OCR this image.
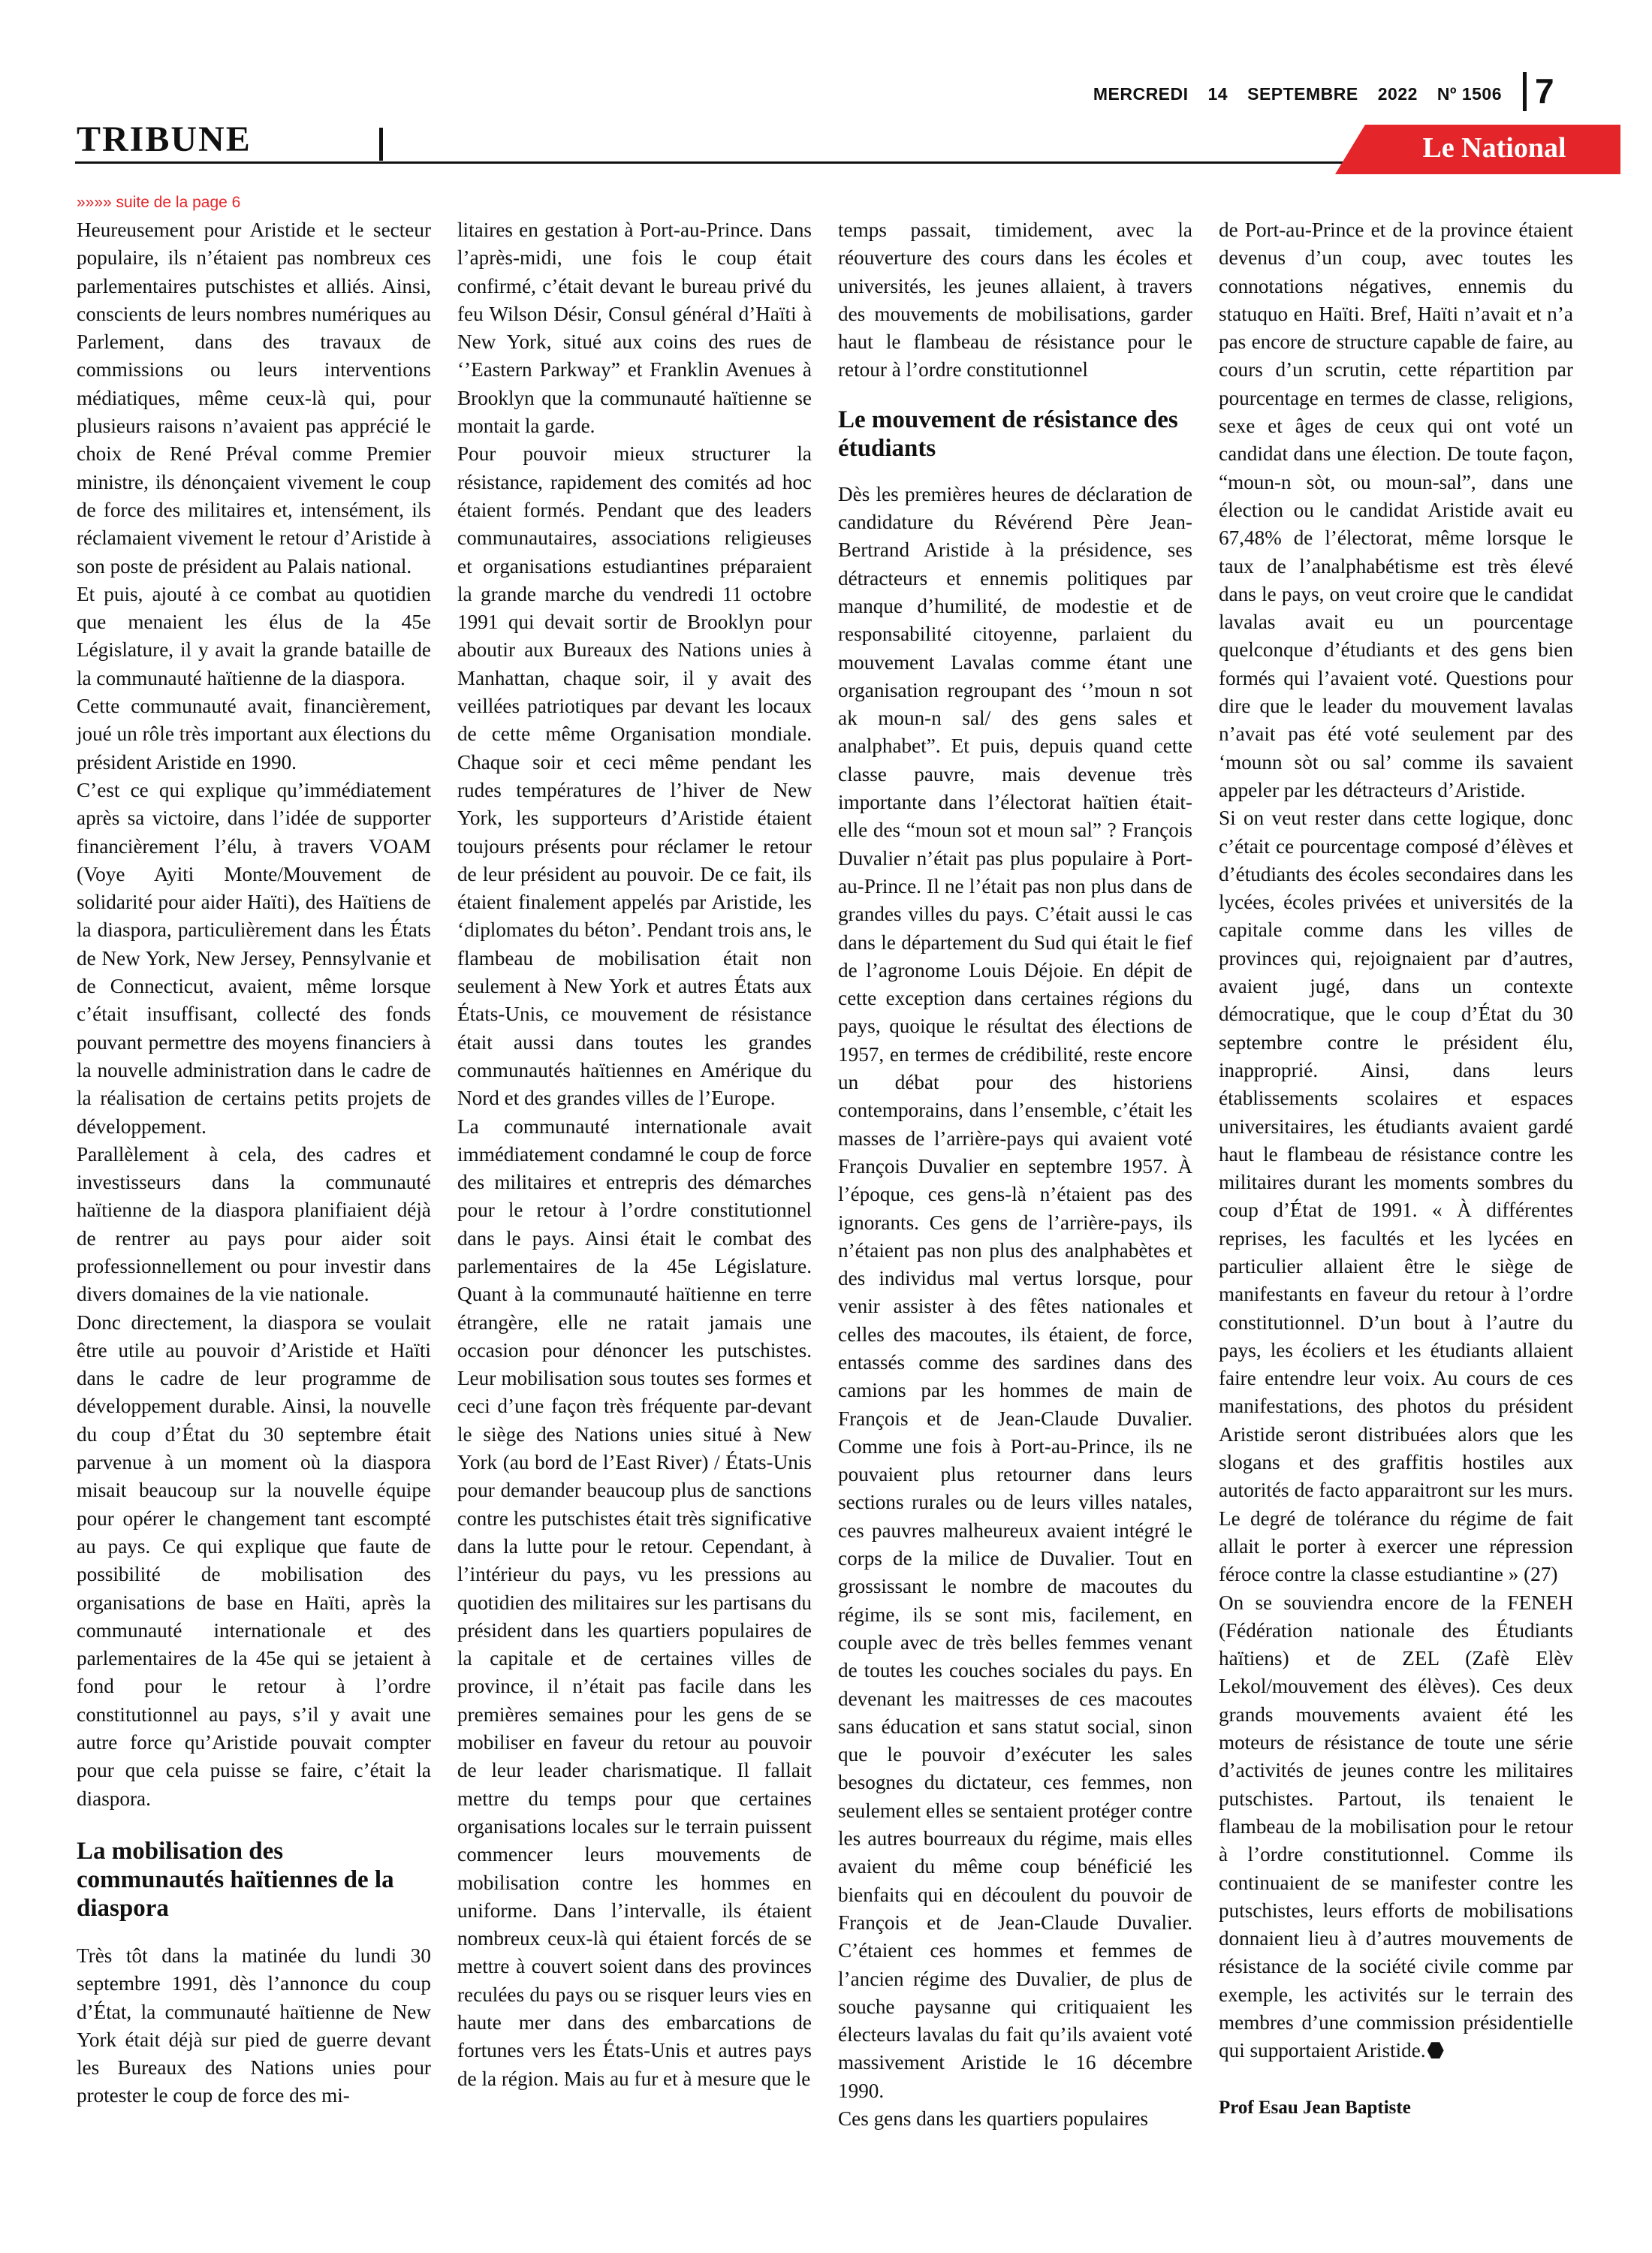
MERCREDI 14 SEPTEMBRE 2022 Nº 1506 7
TRIBUNE	Le National
»»»» suite de la page 6

Heureusement pour Aristide et le secteur populaire, ils n’étaient pas nombreux ces parlementaires putschistes et alliés. Ainsi, conscients de leurs nombres numériques au Parlement, dans des travaux de commissions ou leurs interventions médiatiques, même ceux-là qui, pour plusieurs raisons n’avaient pas apprécié le choix de René Préval comme Premier ministre, ils dénonçaient vivement le coup de force des militaires et, intensément, ils réclamaient vivement le retour d’Aristide à son poste de président au Palais national.

Et puis, ajouté à ce combat au quotidien que menaient les élus de la 45e Législature, il y avait la grande bataille de la communauté haïtienne de la diaspora.

Cette communauté avait, financièrement, joué un rôle très important aux élections du président Aristide en 1990.

C’est ce qui explique qu’immédiatement après sa victoire, dans l’idée de supporter financièrement l’élu, à travers VOAM (Voye Ayiti Monte/Mouvement de solidarité pour aider Haïti), des Haïtiens de la diaspora, particulièrement dans les États de New York, New Jersey, Pennsylvanie et de Connecticut, avaient, même lorsque c’était insuffisant, collecté des fonds pouvant permettre des moyens financiers à la nouvelle administration dans le cadre de la réalisation de certains petits projets de développement.

Parallèlement à cela, des cadres et investisseurs dans la communauté haïtienne de la diaspora planifiaient déjà de rentrer au pays pour aider soit professionnellement ou pour investir dans divers domaines de la vie nationale.

Donc directement, la diaspora se voulait être utile au pouvoir d’Aristide et Haïti dans le cadre de leur programme de développement durable. Ainsi, la nouvelle du coup d’État du 30 septembre était parvenue à un moment où la diaspora misait beaucoup sur la nouvelle équipe pour opérer le changement tant escompté au pays. Ce qui explique que faute de possibilité de mobilisation des organisations de base en Haïti, après la communauté internationale et des parlementaires de la 45e qui se jetaient à fond pour le retour à l’ordre constitutionnel au pays, s’il y avait une autre force qu’Aristide pouvait compter pour que cela puisse se faire, c’était la diaspora.

La mobilisation des communautés haïtiennes de la diaspora

Très tôt dans la matinée du lundi 30 septembre 1991, dès l’annonce du coup d’État, la communauté haïtienne de New York était déjà sur pied de guerre devant les Bureaux des Nations unies pour protester le coup de force des mi-

litaires en gestation à Port-au-Prince. Dans l’après-midi, une fois le coup était confirmé, c’était devant le bureau privé du feu Wilson Désir, Consul général d’Haïti à New York, situé aux coins des rues de ‘’Eastern Parkway” et Franklin Avenues à Brooklyn que la communauté haïtienne se montait la garde.

Pour pouvoir mieux structurer la résistance, rapidement des comités ad hoc étaient formés. Pendant que des leaders communautaires, associations religieuses et organisations estudiantines préparaient la grande marche du vendredi 11 octobre 1991 qui devait sortir de Brooklyn pour aboutir aux Bureaux des Nations unies à Manhattan, chaque soir, il y avait des veillées patriotiques par devant les locaux de cette même Organisation mondiale. Chaque soir et ceci même pendant les rudes températures de l’hiver de New York, les supporteurs d’Aristide étaient toujours présents pour réclamer le retour de leur président au pouvoir. De ce fait, ils étaient finalement appelés par Aristide, les ‘diplomates du béton’. Pendant trois ans, le flambeau de mobilisation était non seulement à New York et autres États aux États-Unis, ce mouvement de résistance était aussi dans toutes les grandes communautés haïtiennes en Amérique du Nord et des grandes villes de l’Europe.

La communauté internationale avait immédiatement condamné le coup de force des militaires et entrepris des démarches pour le retour à l’ordre constitutionnel dans le pays. Ainsi était le combat des parlementaires de la 45e Législature. Quant à la communauté haïtienne en terre étrangère, elle ne ratait jamais une occasion pour dénoncer les putschistes. Leur mobilisation sous toutes ses formes et ceci d’une façon très fréquente par-devant le siège des Nations unies situé à New York (au bord de l’East River) / États-Unis pour demander beaucoup plus de sanctions contre les putschistes était très significative dans la lutte pour le retour. Cependant, à l’intérieur du pays, vu les pressions au quotidien des militaires sur les partisans du président dans les quartiers populaires de la capitale et de certaines villes de province, il n’était pas facile dans les premières semaines pour les gens de se mobiliser en faveur du retour au pouvoir de leur leader charismatique. Il fallait mettre du temps pour que certaines organisations locales sur le terrain puissent commencer leurs mouvements de mobilisation contre les hommes en uniforme. Dans l’intervalle, ils étaient nombreux ceux-là qui étaient forcés de se mettre à couvert soient dans des provinces reculées du pays ou se risquer leurs vies en haute mer dans des embarcations de fortunes vers les États-Unis et autres pays de la région. Mais au fur et à mesure que le

temps passait, timidement, avec la réouverture des cours dans les écoles et universités, les jeunes allaient, à travers des mouvements de mobilisations, garder haut le flambeau de résistance pour le retour à l’ordre constitutionnel

Le mouvement de résistance des étudiants

Dès les premières heures de déclaration de candidature du Révérend Père Jean-Bertrand Aristide à la présidence, ses détracteurs et ennemis politiques par manque d’humilité, de modestie et de responsabilité citoyenne, parlaient du mouvement Lavalas comme étant une organisation regroupant des ‘’moun n sot ak moun-n sal/ des gens sales et analphabet”. Et puis, depuis quand cette classe pauvre, mais devenue très importante dans l’électorat haïtien était-elle des “moun sot et moun sal” ? François Duvalier n’était pas plus populaire à Port-au-Prince. Il ne l’était pas non plus dans de grandes villes du pays. C’était aussi le cas dans le département du Sud qui était le fief de l’agronome Louis Déjoie. En dépit de cette exception dans certaines régions du pays, quoique le résultat des élections de 1957, en termes de crédibilité, reste encore un débat pour des historiens contemporains, dans l’ensemble, c’était les masses de l’arrière-pays qui avaient voté François Duvalier en septembre 1957. À l’époque, ces gens-là n’étaient pas des ignorants. Ces gens de l’arrière-pays, ils n’étaient pas non plus des analphabètes et des individus mal vertus lorsque, pour venir assister à des fêtes nationales et celles des macoutes, ils étaient, de force, entassés comme des sardines dans des camions par les hommes de main de François et de Jean-Claude Duvalier. Comme une fois à Port-au-Prince, ils ne pouvaient plus retourner dans leurs sections rurales ou de leurs villes natales, ces pauvres malheureux avaient intégré le corps de la milice de Duvalier. Tout en grossissant le nombre de macoutes du régime, ils se sont mis, facilement, en couple avec de très belles femmes venant de toutes les couches sociales du pays. En devenant les maitresses de ces macoutes sans éducation et sans statut social, sinon que le pouvoir d’exécuter les sales besognes du dictateur, ces femmes, non seulement elles se sentaient protéger contre les autres bourreaux du régime, mais elles avaient du même coup bénéficié les bienfaits qui en découlent du pouvoir de François et de Jean-Claude Duvalier. C’étaient ces hommes et femmes de l’ancien régime des Duvalier, de plus de souche paysanne qui critiquaient les électeurs lavalas du fait qu’ils avaient voté massivement Aristide le 16 décembre 1990.

Ces gens dans les quartiers populaires

de Port-au-Prince et de la province étaient devenus d’un coup, avec toutes les connotations négatives, ennemis du statuquo en Haïti. Bref, Haïti n’avait et n’a pas encore de structure capable de faire, au cours d’un scrutin, cette répartition par pourcentage en termes de classe, religions, sexe et âges de ceux qui ont voté un candidat dans une élection. De toute façon, “moun-n sòt, ou moun-sal”, dans une élection ou le candidat Aristide avait eu 67,48% de l’électorat, même lorsque le taux de l’analphabétisme est très élevé dans le pays, on veut croire que le candidat lavalas avait eu un pourcentage quelconque d’étudiants et des gens bien formés qui l’avaient voté. Questions pour dire que le leader du mouvement lavalas n’avait pas été voté seulement par des ‘mounn sòt ou sal’ comme ils savaient appeler par les détracteurs d’Aristide.

Si on veut rester dans cette logique, donc c’était ce pourcentage composé d’élèves et d’étudiants des écoles secondaires dans les lycées, écoles privées et universités de la capitale comme dans les villes de provinces qui, rejoignaient par d’autres, avaient jugé, dans un contexte démocratique, que le coup d’État du 30 septembre contre le président élu, inapproprié. Ainsi, dans leurs établissements scolaires et espaces universitaires, les étudiants avaient gardé haut le flambeau de résistance contre les militaires durant les moments sombres du coup d’État de 1991. « À différentes reprises, les facultés et les lycées en particulier allaient être le siège de manifestants en faveur du retour à l’ordre constitutionnel. D’un bout à l’autre du pays, les écoliers et les étudiants allaient faire entendre leur voix. Au cours de ces manifestations, des photos du président Aristide seront distribuées alors que les slogans et des graffitis hostiles aux autorités de facto apparaitront sur les murs. Le degré de tolérance du régime de fait allait le porter à exercer une répression féroce contre la classe estudiantine » (27)

On se souviendra encore de la FENEH (Fédération nationale des Étudiants haïtiens) et de ZEL (Zafè Elèv Lekol/mouvement des élèves). Ces deux grands mouvements avaient été les moteurs de résistance de toute une série d’activités de jeunes contre les militaires putschistes. Partout, ils tenaient le flambeau de la mobilisation pour le retour à l’ordre constitutionnel. Comme ils continuaient de se manifester contre les putschistes, leurs efforts de mobilisations donnaient lieu à d’autres mouvements de résistance de la société civile comme par exemple, les activités sur le terrain des membres d’une commission présidentielle qui supportaient Aristide.

Prof Esau Jean Baptiste
